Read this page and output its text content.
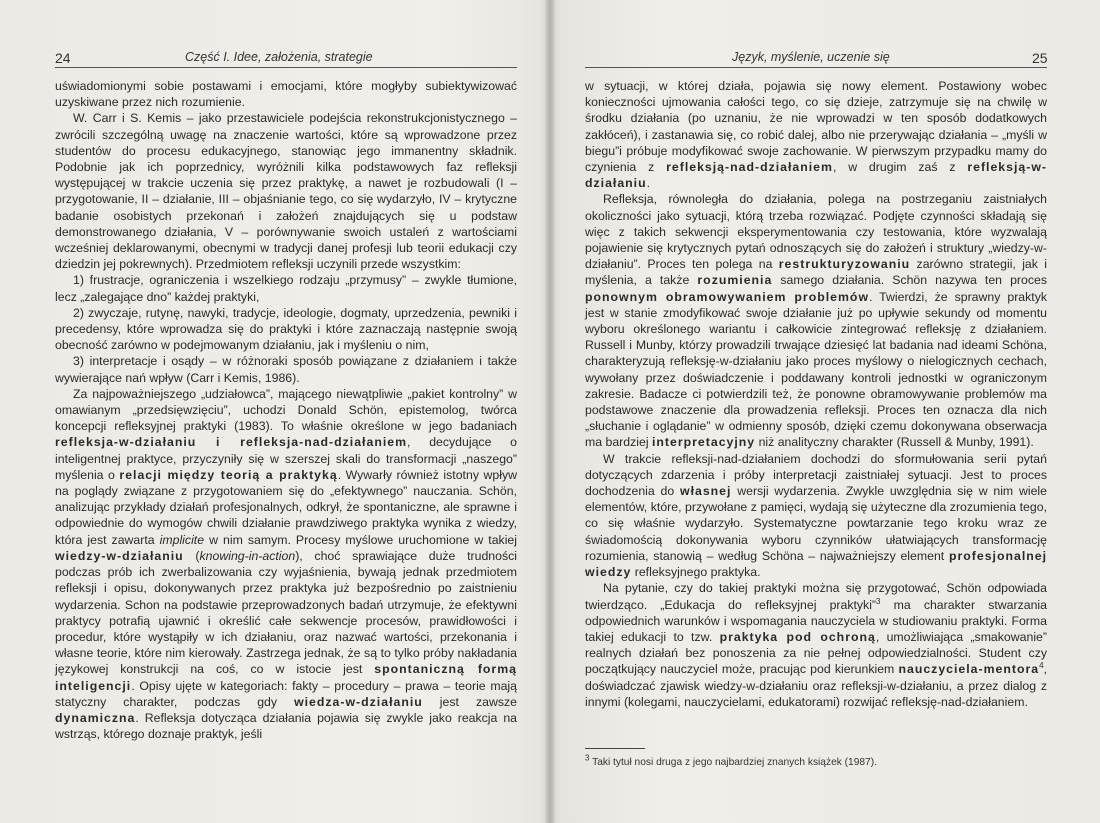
24	Część I. Idee, założenia, strategie

uświadomionymi sobie postawami i emocjami, które mogłyby subiektywizować uzyskiwane przez nich rozumienie.

W. Carr i S. Kemis – jako przestawiciele podejścia rekonstrukcjonistycznego – zwrócili szczególną uwagę na znaczenie wartości, które są wprowadzone przez studentów do procesu edukacyjnego, stanowiąc jego immanentny składnik. Podobnie jak ich poprzednicy, wyróżnili kilka podstawowych faz refleksji występującej w trakcie uczenia się przez praktykę, a nawet je rozbudowali (I – przygotowanie, II – działanie, III – objaśnianie tego, co się wydarzyło, IV – krytyczne badanie osobistych przekonań i założeń znajdujących się u podstaw demonstrowanego działania, V – porównywanie swoich ustaleń z wartościami wcześniej deklarowanymi, obecnymi w tradycji danej profesji lub teorii edukacji czy dziedzin jej pokrewnych). Przedmiotem refleksji uczynili przede wszystkim:

1) frustracje, ograniczenia i wszelkiego rodzaju „przymusy” – zwykle tłumione, lecz „zalegające dno” każdej praktyki,

2) zwyczaje, rutynę, nawyki, tradycje, ideologie, dogmaty, uprzedzenia, pewniki i precedensy, które wprowadza się do praktyki i które zaznaczają następnie swoją obecność zarówno w podejmowanym działaniu, jak i myśleniu o nim,

3) interpretacje i osądy – w różnoraki sposób powiązane z działaniem i także wywierające nań wpływ (Carr i Kemis, 1986).

Za najpoważniejszego „udziałowca”, mającego niewątpliwie „pakiet kontrolny” w omawianym „przedsięwzięciu”, uchodzi Donald Schön, epistemolog, twórca koncepcji refleksyjnej praktyki (1983). To właśnie określone w jego badaniach refleksja-w-działaniu i refleksja-nad-działaniem, decydujące o inteligentnej praktyce, przyczyniły się w szerszej skali do transformacji „naszego” myślenia o relacji między teorią a praktyką. Wywarły również istotny wpływ na poglądy związane z przygotowaniem się do „efektywnego” nauczania. Schön, analizując przykłady działań profesjonalnych, odkrył, że spontaniczne, ale sprawne i odpowiednie do wymogów chwili działanie prawdziwego praktyka wynika z wiedzy, która jest zawarta implicite w nim samym. Procesy myślowe uruchomione w takiej wiedzy-w-działaniu (knowing-in-action), choć sprawiające duże trudności podczas prób ich zwerbalizowania czy wyjaśnienia, bywają jednak przedmiotem refleksji i opisu, dokonywanych przez praktyka już bezpośrednio po zaistnieniu wydarzenia. Schon na podstawie przeprowadzonych badań utrzymuje, że efektywni praktycy potrafią ujawnić i określić całe sekwencje procesów, prawidłowości i procedur, które wystąpiły w ich działaniu, oraz nazwać wartości, przekonania i własne teorie, które nim kierowały. Zastrzega jednak, że są to tylko próby nakładania językowej konstrukcji na coś, co w istocie jest spontaniczną formą inteligencji. Opisy ujęte w kategoriach: fakty – procedury – prawa – teorie mają statyczny charakter, podczas gdy wiedza-w-działaniu jest zawsze dynamiczna. Refleksja dotycząca działania pojawia się zwykle jako reakcja na wstrząs, którego doznaje praktyk, jeśli

Język, myślenie, uczenie się	25

w sytuacji, w której działa, pojawia się nowy element. Postawiony wobec konieczności ujmowania całości tego, co się dzieje, zatrzymuje się na chwilę w środku działania (po uznaniu, że nie wprowadzi w ten sposób dodatkowych zakłóceń), i zastanawia się, co robić dalej, albo nie przerywając działania – „myśli w biegu”i próbuje modyfikować swoje zachowanie. W pierwszym przypadku mamy do czynienia z refleksją-nad-działaniem, w drugim zaś z refleksją-w-działaniu.

Refleksja, równoległa do działania, polega na postrzeganiu zaistniałych okoliczności jako sytuacji, którą trzeba rozwiązać. Podjęte czynności składają się więc z takich sekwencji eksperymentowania czy testowania, które wyzwalają pojawienie się krytycznych pytań odnoszących się do założeń i struktury „wiedzy-w-działaniu”. Proces ten polega na restrukturyzowaniu zarówno strategii, jak i myślenia, a także rozumienia samego działania. Schön nazywa ten proces ponownym obramowywaniem problemów. Twierdzi, że sprawny praktyk jest w stanie zmodyfikować swoje działanie już po upływie sekundy od momentu wyboru określonego wariantu i całkowicie zintegrować refleksję z działaniem. Russell i Munby, którzy prowadzili trwające dziesięć lat badania nad ideami Schöna, charakteryzują refleksję-w-działaniu jako proces myślowy o nielogicznych cechach, wywołany przez doświadczenie i poddawany kontroli jednostki w ograniczonym zakresie. Badacze ci potwierdzili też, że ponowne obramowywanie problemów ma podstawowe znaczenie dla prowadzenia refleksji. Proces ten oznacza dla nich „słuchanie i oglądanie” w odmienny sposób, dzięki czemu dokonywana obserwacja ma bardziej interpretacyjny niż analityczny charakter (Russell & Munby, 1991).

W trakcie refleksji-nad-działaniem dochodzi do sformułowania serii pytań dotyczących zdarzenia i próby interpretacji zaistniałej sytuacji. Jest to proces dochodzenia do własnej wersji wydarzenia. Zwykle uwzględnia się w nim wiele elementów, które, przywołane z pamięci, wydają się użyteczne dla zrozumienia tego, co się właśnie wydarzyło. Systematyczne powtarzanie tego kroku wraz ze świadomością dokonywania wyboru czynników ułatwiających transformację rozumienia, stanowią – według Schöna – najważniejszy element profesjonalnej wiedzy refleksyjnego praktyka.

Na pytanie, czy do takiej praktyki można się przygotować, Schön odpowiada twierdząco. „Edukacja do refleksyjnej praktyki”$^3$ ma charakter stwarzania odpowiednich warunków i wspomagania nauczyciela w studiowaniu praktyki. Forma takiej edukacji to tzw. praktyka pod ochroną, umożliwiająca „smakowanie” realnych działań bez ponoszenia za nie pełnej odpowiedzialności. Student czy początkujący nauczyciel może, pracując pod kierunkiem nauczyciela-mentora$^4$, doświadczać zjawisk wiedzy-w-działaniu oraz refleksji-w-działaniu, a przez dialog z innymi (kolegami, nauczycielami, edukatorami) rozwijać refleksję-nad-działaniem.

$^3$ Taki tytuł nosi druga z jego najbardziej znanych książek (1987).
